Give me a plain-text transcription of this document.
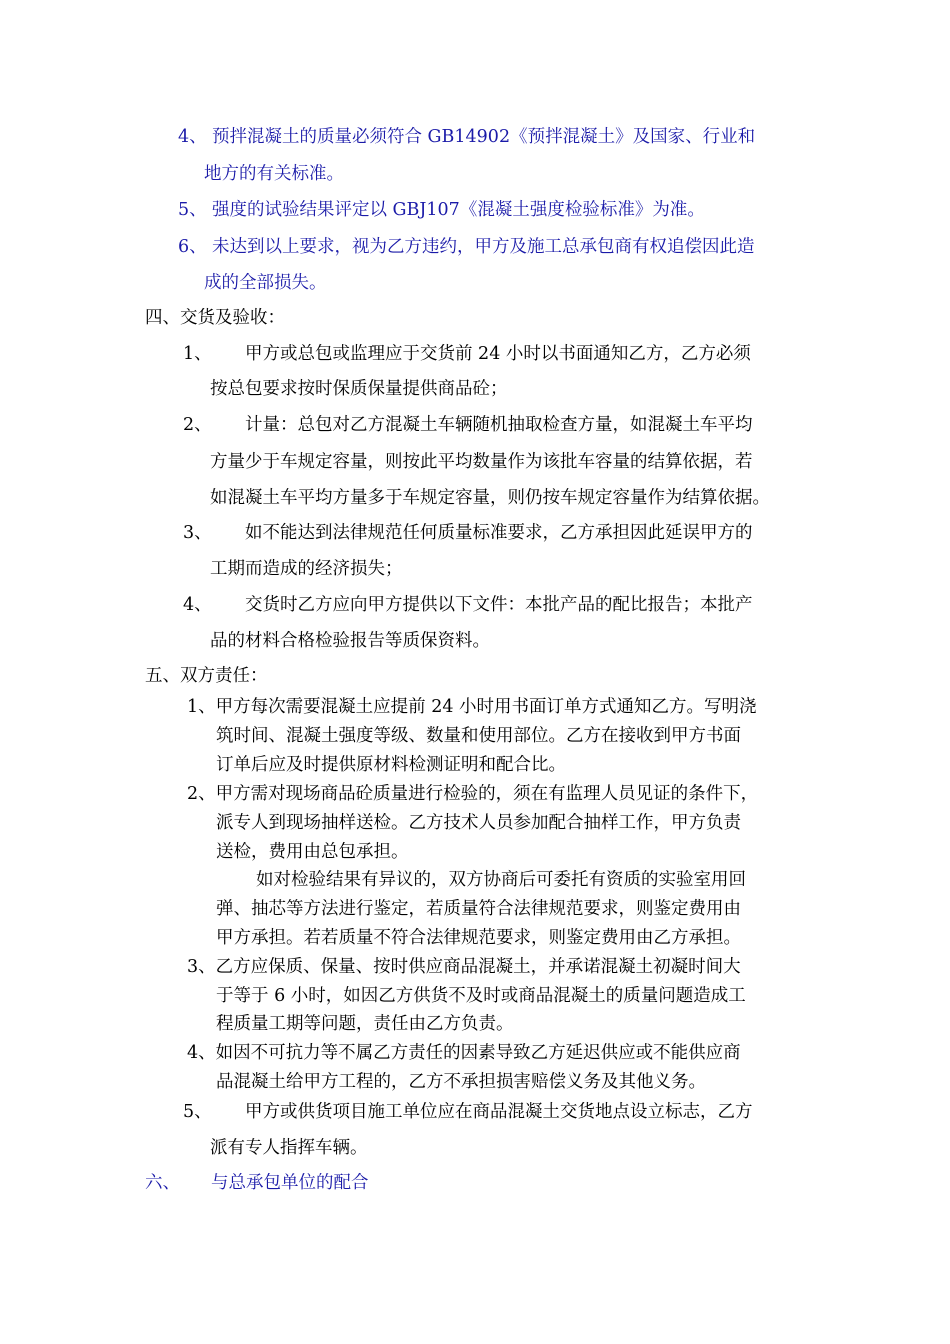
4、 预拌混凝土的质量必须符合 GB14902《预拌混凝土》及国家、行业和
地方的有关标准。
5、 强度的试验结果评定以 GBJ107《混凝土强度检验标准》为准。
6、 未达到以上要求，视为乙方违约，甲方及施工总承包商有权追偿因此造
成的全部损失。
四、交货及验收：
1、 甲方或总包或监理应于交货前 24 小时以书面通知乙方，乙方必须
按总包要求按时保质保量提供商品砼；
2、 计量：总包对乙方混凝土车辆随机抽取检查方量，如混凝土车平均
方量少于车规定容量，则按此平均数量作为该批车容量的结算依据，若
如混凝土车平均方量多于车规定容量，则仍按车规定容量作为结算依据。
3、 如不能达到法律规范任何质量标准要求，乙方承担因此延误甲方的
工期而造成的经济损失；
4、 交货时乙方应向甲方提供以下文件：本批产品的配比报告；本批产
品的材料合格检验报告等质保资料。
五、双方责任：
1、甲方每次需要混凝土应提前 24 小时用书面订单方式通知乙方。写明浇
筑时间、混凝土强度等级、数量和使用部位。乙方在接收到甲方书面
订单后应及时提供原材料检测证明和配合比。
2、甲方需对现场商品砼质量进行检验的，须在有监理人员见证的条件下，
派专人到现场抽样送检。乙方技术人员参加配合抽样工作，甲方负责
送检，费用由总包承担。
如对检验结果有异议的，双方协商后可委托有资质的实验室用回
弹、抽芯等方法进行鉴定，若质量符合法律规范要求，则鉴定费用由
甲方承担。若若质量不符合法律规范要求，则鉴定费用由乙方承担。
3、乙方应保质、保量、按时供应商品混凝土，并承诺混凝土初凝时间大
于等于 6 小时，如因乙方供货不及时或商品混凝土的质量问题造成工
程质量工期等问题，责任由乙方负责。
4、如因不可抗力等不属乙方责任的因素导致乙方延迟供应或不能供应商
品混凝土给甲方工程的，乙方不承担损害赔偿义务及其他义务。
5、 甲方或供货项目施工单位应在商品混凝土交货地点设立标志，乙方
派有专人指挥车辆。
六、 与总承包单位的配合
